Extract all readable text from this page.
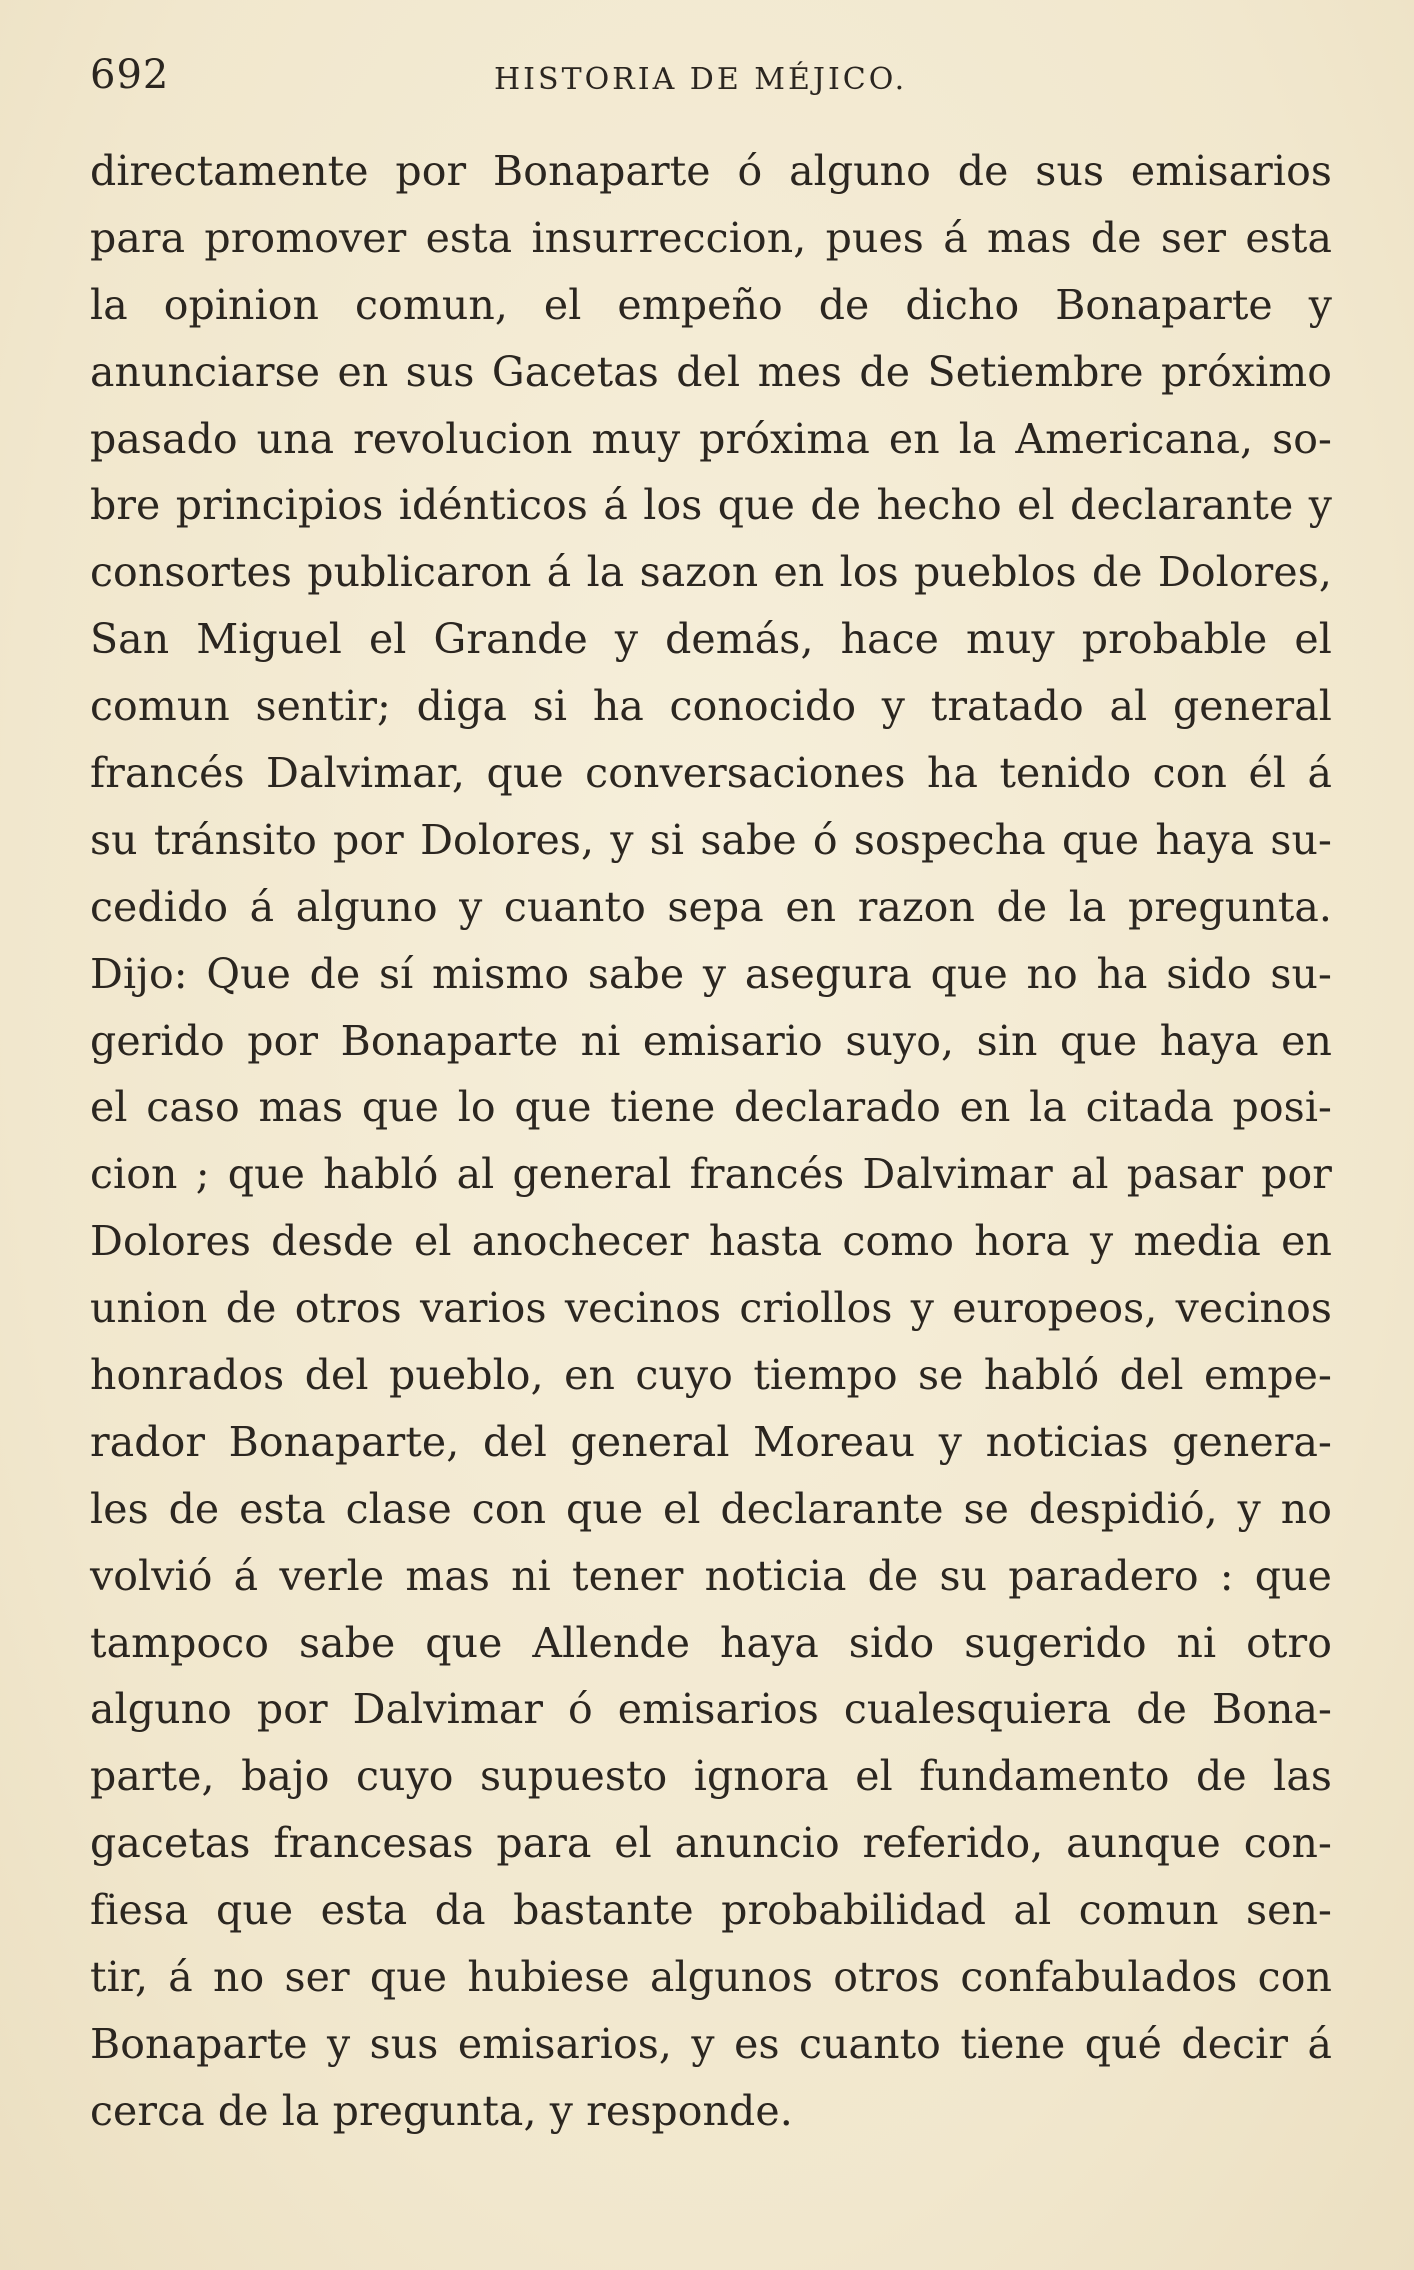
692	HISTORIA DE MÉJICO.
directamente por Bonaparte ó alguno de sus emisarios
para promover esta insurreccion, pues á mas de ser esta
la opinion comun, el empeño de dicho Bonaparte y
anunciarse en sus Gacetas del mes de Setiembre próximo
pasado una revolucion muy próxima en la Americana, so-
bre principios idénticos á los que de hecho el declarante y
consortes publicaron á la sazon en los pueblos de Dolores,
San Miguel el Grande y demás, hace muy probable el
comun sentir; diga si ha conocido y tratado al general
francés Dalvimar, que conversaciones ha tenido con él á
su tránsito por Dolores, y si sabe ó sospecha que haya su-
cedido á alguno y cuanto sepa en razon de la pregunta.
Dijo: Que de sí mismo sabe y asegura que no ha sido su-
gerido por Bonaparte ni emisario suyo, sin que haya en
el caso mas que lo que tiene declarado en la citada posi-
cion ; que habló al general francés Dalvimar al pasar por
Dolores desde el anochecer hasta como hora y media en
union de otros varios vecinos criollos y europeos, vecinos
honrados del pueblo, en cuyo tiempo se habló del empe-
rador Bonaparte, del general Moreau y noticias genera-
les de esta clase con que el declarante se despidió, y no
volvió á verle mas ni tener noticia de su paradero : que
tampoco sabe que Allende haya sido sugerido ni otro
alguno por Dalvimar ó emisarios cualesquiera de Bona-
parte, bajo cuyo supuesto ignora el fundamento de las
gacetas francesas para el anuncio referido, aunque con-
fiesa que esta da bastante probabilidad al comun sen-
tir, á no ser que hubiese algunos otros confabulados con
Bonaparte y sus emisarios, y es cuanto tiene qué decir á
cerca de la pregunta, y responde.
